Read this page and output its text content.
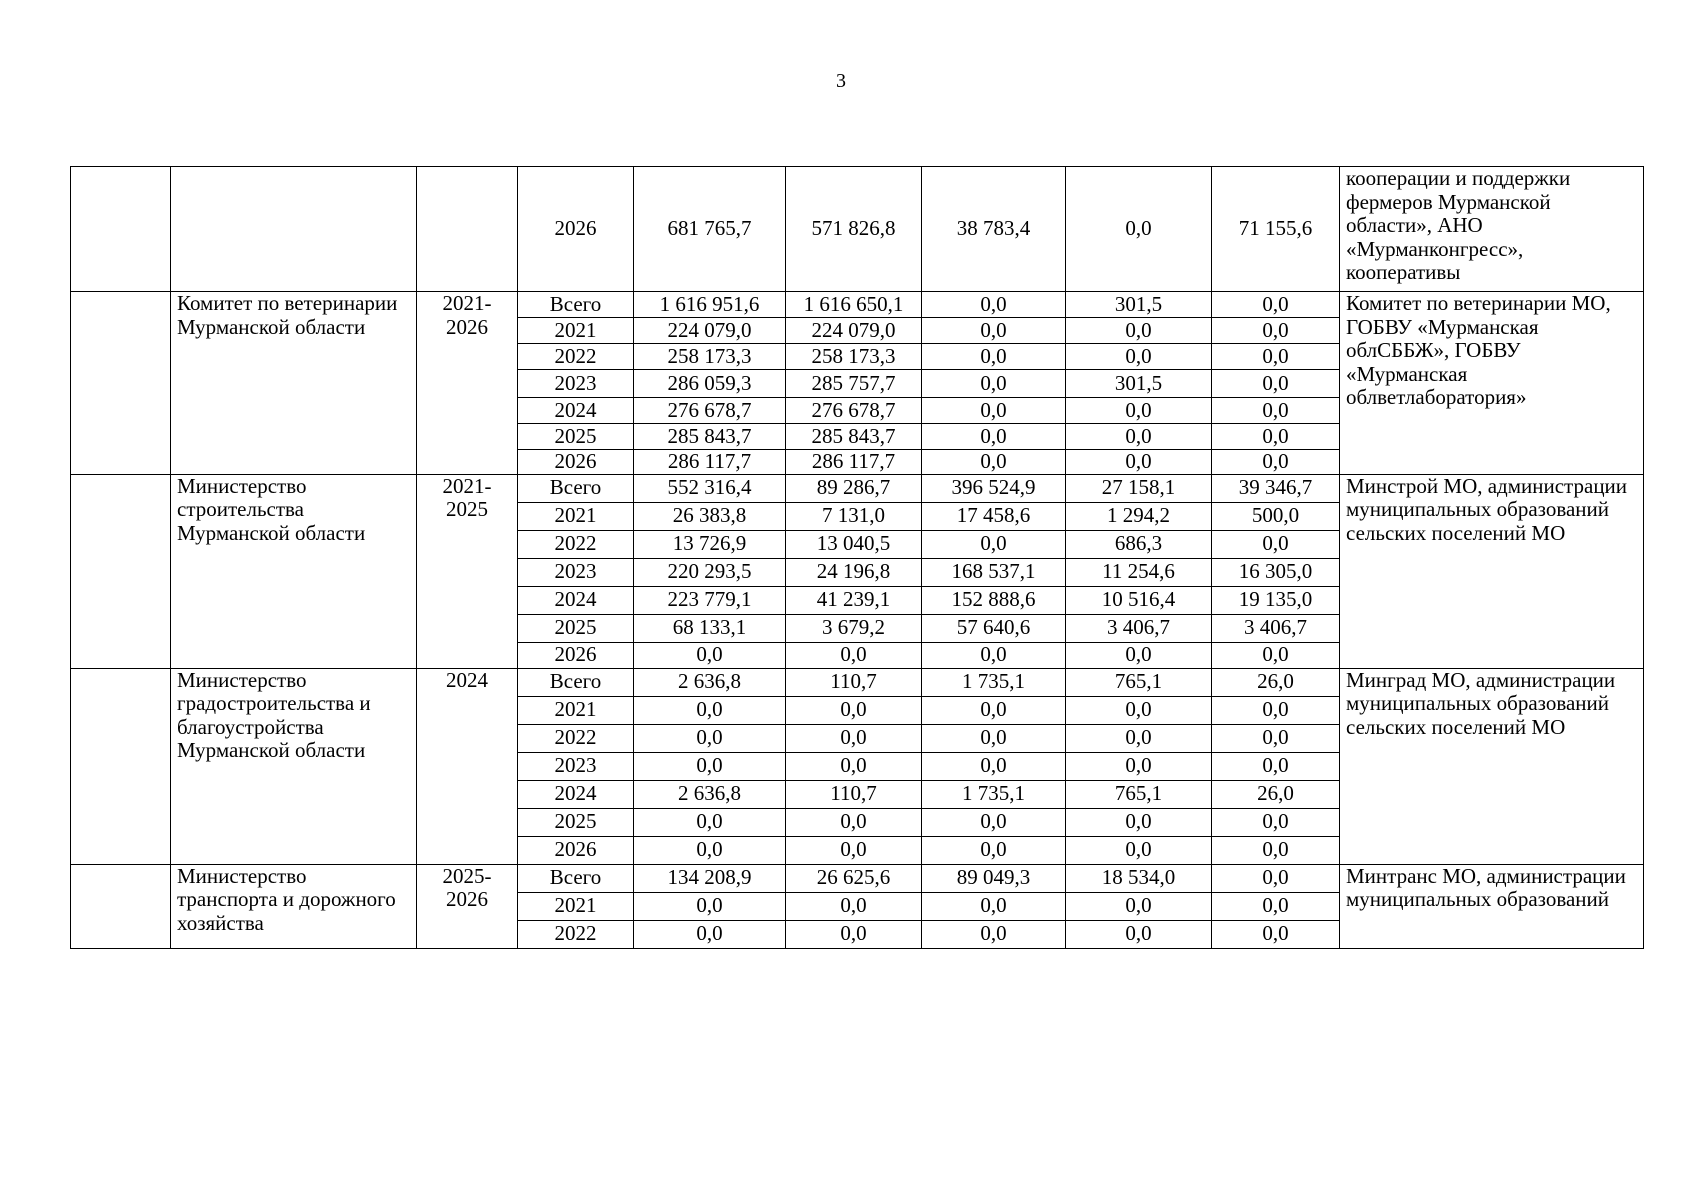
3
			2026	681 765,7	571 826,8	38 783,4	0,0	71 155,6	кооперации и поддержки фермеров Мурманской области», АНО «Мурманконгресс», кооперативы
	Комитет по ветеринарии Мурманской области	2021-2026	Всего	1 616 951,6	1 616 650,1	0,0	301,5	0,0	Комитет по ветеринарии МО, ГОБВУ «Мурманская облСББЖ», ГОБВУ «Мурманская облветлаборатория»
			2021	224 079,0	224 079,0	0,0	0,0	0,0	
			2022	258 173,3	258 173,3	0,0	0,0	0,0	
			2023	286 059,3	285 757,7	0,0	301,5	0,0	
			2024	276 678,7	276 678,7	0,0	0,0	0,0	
			2025	285 843,7	285 843,7	0,0	0,0	0,0	
			2026	286 117,7	286 117,7	0,0	0,0	0,0	
	Министерство строительства Мурманской области	2021-2025	Всего	552 316,4	89 286,7	396 524,9	27 158,1	39 346,7	Минстрой МО, администрации муниципальных образований сельских поселений МО
			2021	26 383,8	7 131,0	17 458,6	1 294,2	500,0	
			2022	13 726,9	13 040,5	0,0	686,3	0,0	
			2023	220 293,5	24 196,8	168 537,1	11 254,6	16 305,0	
			2024	223 779,1	41 239,1	152 888,6	10 516,4	19 135,0	
			2025	68 133,1	3 679,2	57 640,6	3 406,7	3 406,7	
			2026	0,0	0,0	0,0	0,0	0,0	
	Министерство градостроительства и благоустройства Мурманской области	2024	Всего	2 636,8	110,7	1 735,1	765,1	26,0	Минград МО, администрации муниципальных образований сельских поселений МО
			2021	0,0	0,0	0,0	0,0	0,0	
			2022	0,0	0,0	0,0	0,0	0,0	
			2023	0,0	0,0	0,0	0,0	0,0	
			2024	2 636,8	110,7	1 735,1	765,1	26,0	
			2025	0,0	0,0	0,0	0,0	0,0	
			2026	0,0	0,0	0,0	0,0	0,0	
	Министерство транспорта и дорожного хозяйства	2025-2026	Всего	134 208,9	26 625,6	89 049,3	18 534,0	0,0	Минтранс МО, администрации муниципальных образований
			2021	0,0	0,0	0,0	0,0	0,0	
			2022	0,0	0,0	0,0	0,0	0,0	
